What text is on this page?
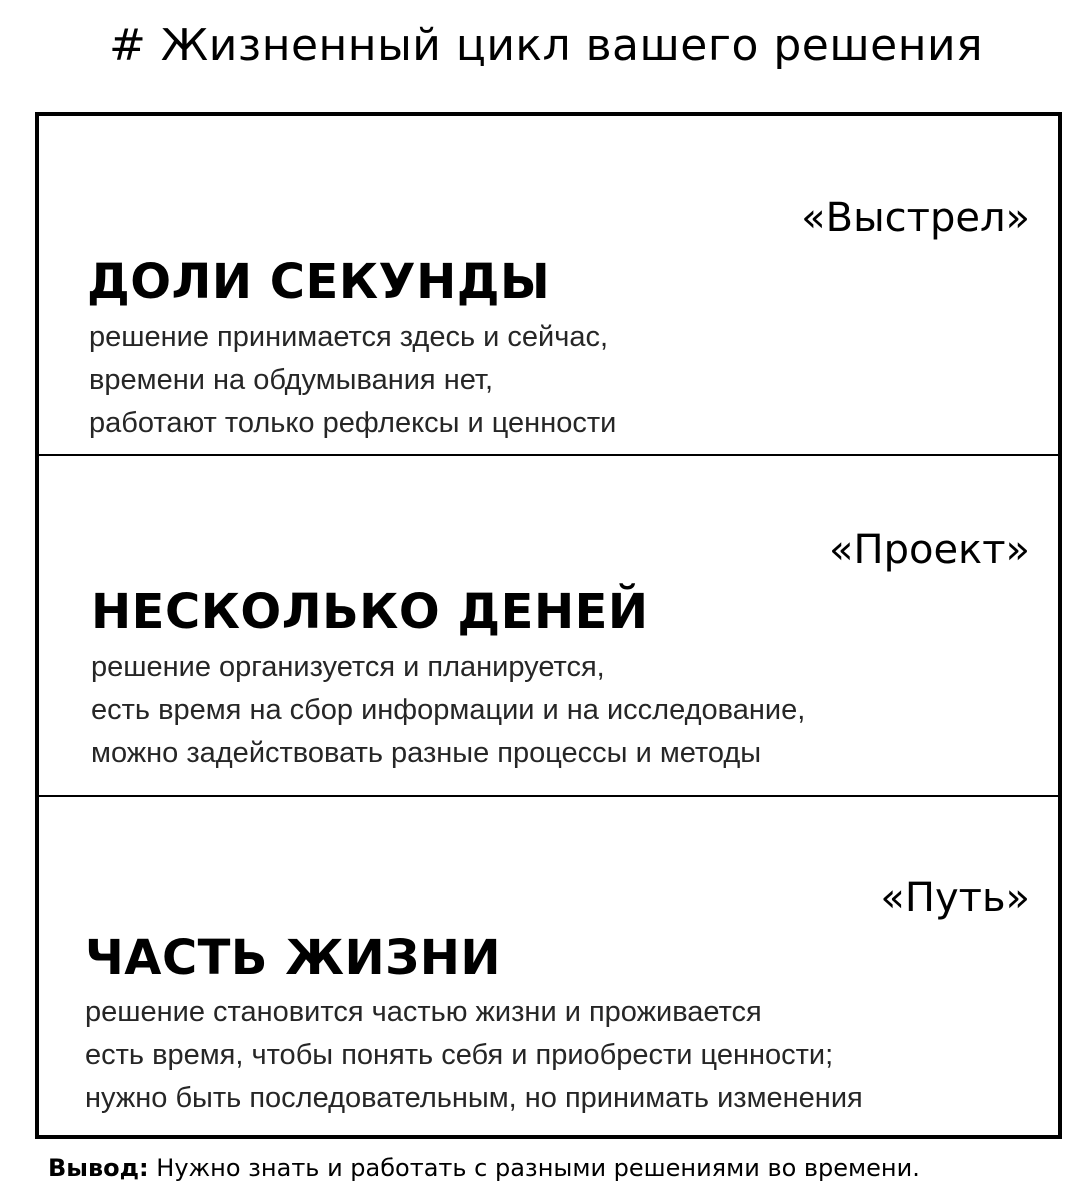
# Жизненный цикл вашего решения
«Выстрел»
ДОЛИ СЕКУНДЫ
решение принимается здесь и сейчас,
времени на обдумывания нет,
работают только рефлексы и ценности
«Проект»
НЕСКОЛЬКО ДЕНЕЙ
решение организуется и планируется,
есть время на сбор информации и на исследование,
можно задействовать разные процессы и методы
«Путь»
ЧАСТЬ ЖИЗНИ
решение становится частью жизни и проживается
есть время, чтобы понять себя и приобрести ценности;
нужно быть последовательным, но принимать изменения
Вывод: Нужно знать и работать с разными решениями во времени.
